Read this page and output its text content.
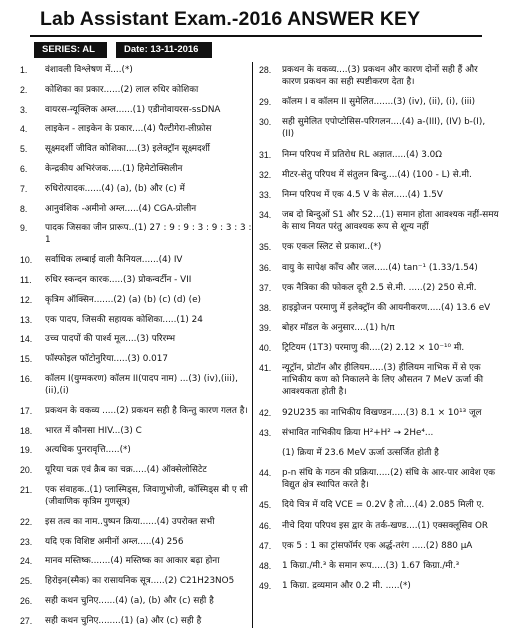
Lab Assistant Exam.-2016 ANSWER KEY
SERIES: AL	Date: 13-11-2016
1.	वंशावली विश्लेषण में....(*)
2.	कोशिका का प्रकार......(2) लाल रुधिर कोशिका
3.	वायरस-न्यूक्लिक अम्ल......(1) एडीनोवायरस-ssDNA
4.	लाइकेन - लाइकेन के प्रकार....(4) पैल्टीगेरा-लीफ़ोस
5.	सूक्ष्मदर्शी जीवित कोशिका....(3) इलेक्ट्रॉन सूक्ष्मदर्शी
6.	केन्द्रकीय अभिरंजक.....(1) हिमेटोक्सिलीन
7.	रुधिरोत्पादक......(4) (a), (b) और (c) में
8.	आनुवंशिक -अमीनो अम्ल.....(4) CGA-प्रोलीन
9.	पादक जिसका जीन प्रारूप..(1) 27 : 9 : 9 : 3 : 9 : 3 : 3 : 1
10.	सर्वाधिक लम्बाई वाली कैनियल......(4) IV
11.	रुधिर स्कन्दन कारक.....(3) प्रोकन्वर्टीन - VII
12.	कृत्रिम ऑक्सिन.......(2) (a) (b) (c) (d) (e)
13.	एक पादप, जिसकी सहायक कोशिका.....(1) 24
14.	उच्च पादपों की पार्श्व मूल....(3) परिरम्भ
15.	फॉस्फोइल फॉटोनुरिया.....(3) 0.017
16.	कॉलम I(युग्मकरण) कॉलम II(पादप नाम) ...(3) (iv),(iii),(ii),(i)
17.	प्रकथन के वकव्य .....(2) प्रकथन सही है किन्तु कारण गलत है।
18.	भारत में कौनसा HIV...(3) C
19.	अत्यधिक पुनरावृत्ति.....(*)
20.	यूरिया चक्र एवं क्रैब का चक्र.....(4) ऑक्सेलोसिटेट
21.	एक संवाहक..(1) प्लास्मिड्स, जिवाणुभोजी, कॉस्मिड्स बी ए सी (जीवाणिक कृत्रिम गुणसूत्र)
22.	इस तत्व का नाम..पुष्पन क्रिया......(4) उपरोक्त सभी
23.	यदि एक विशिष्ट अमीनों अम्ल.....(4) 256
24.	मानव मस्तिष्क.......(4) मस्तिष्क का आकार बढ़ा होना
25.	हिरोइन(स्मैक) का रासायनिक सूत्र.....(2) C21H23NO5
26.	सही कथन चुनिए......(4) (a), (b) और (c) सही है
27.	सही कथन चुनिए........(1) (a) और (c) सही है
28.	प्रकथन के वकव्य....(3) प्रकथन और कारण दोनों सही हैं और कारण प्रकथन का सही स्पष्टीकरण देता है।
29.	कॉलम I व कॉलम II सुमेलित.......(3) (iv), (ii), (i), (iii)
30.	सही सुमेलित एपोप्टोसिस-परिगलन....(4) a-(III), (IV) b-(I), (II)
31.	निम्न परिपथ में प्रतिरोध RL अज्ञात.....(4) 3.0Ω
32.	मीटर-सेतु परिपथ में संतुलन बिन्दु....(4) (100 - L) से.मी.
33.	निम्न परिपथ में एक 4.5 V के सेल.....(4) 1.5V
34.	जब दो बिन्दुओं S1 और S2...(1) समान होता आवश्यक नहीं-समय के साथ नियत परंतु आवश्यक रूप से शून्य नहीं
35.	एक एकल स्लिट से प्रकाश..(*)
36.	वायु के सापेक्ष कॉंच और जल.....(4) tan⁻¹ (1.33/1.54)
37.	एक नैत्रिका की फोकल दूरी 2.5 से.मी. .....(2) 250 से.मी.
38.	हाइड्रोजन परमाणु में इलेक्ट्रॉन की आयनीकरण.....(4) 13.6 eV
39.	बोहर मॉडल के अनुसार....(1) h/π
40.	ट्रिटियम (1T3) परमाणु की....(2) 2.12 × 10⁻¹⁰ मी.
41.	न्यूट्रॉन, प्रोटॉन और हीलियम.....(3) हीलियम नाभिक में से एक नाभिकीय कण को निकालने के लिए औसतन 7 MeV ऊर्जा की आवश्यकता होती है।
42.	92U235 का नाभिकीय विखण्डन.....(3) 8.1 × 10¹³ जूल
43.	संभावित नाभिकीय क्रिया H²+H² → 2He⁴...
(1) क्रिया में 23.6 MeV ऊर्जा उत्सर्जित होती है
44.	p-n संधि के गठन की प्रक्रिया.....(2) संधि के आर-पार आवेश एक विद्युत क्षेत्र स्थापित करते है।
45.	दिये चित्र में यदि VCE = 0.2V है तो....(4) 2.085 मिली ए.
46.	नीचे दिया परिपथ इस द्वार के तर्क-खण्ड....(1) एक्सक्लूसिव OR
47.	एक 5 : 1 का ट्रांसफॉर्मर एक अर्द्ध-तरंग .....(2) 880 μA
48.	1 किग्रा./मी.³ के समान रूप.....(3) 1.67 किग्रा./मी.³
49.	1 किग्रा. द्रव्यमान और 0.2 मी. .....(*)
